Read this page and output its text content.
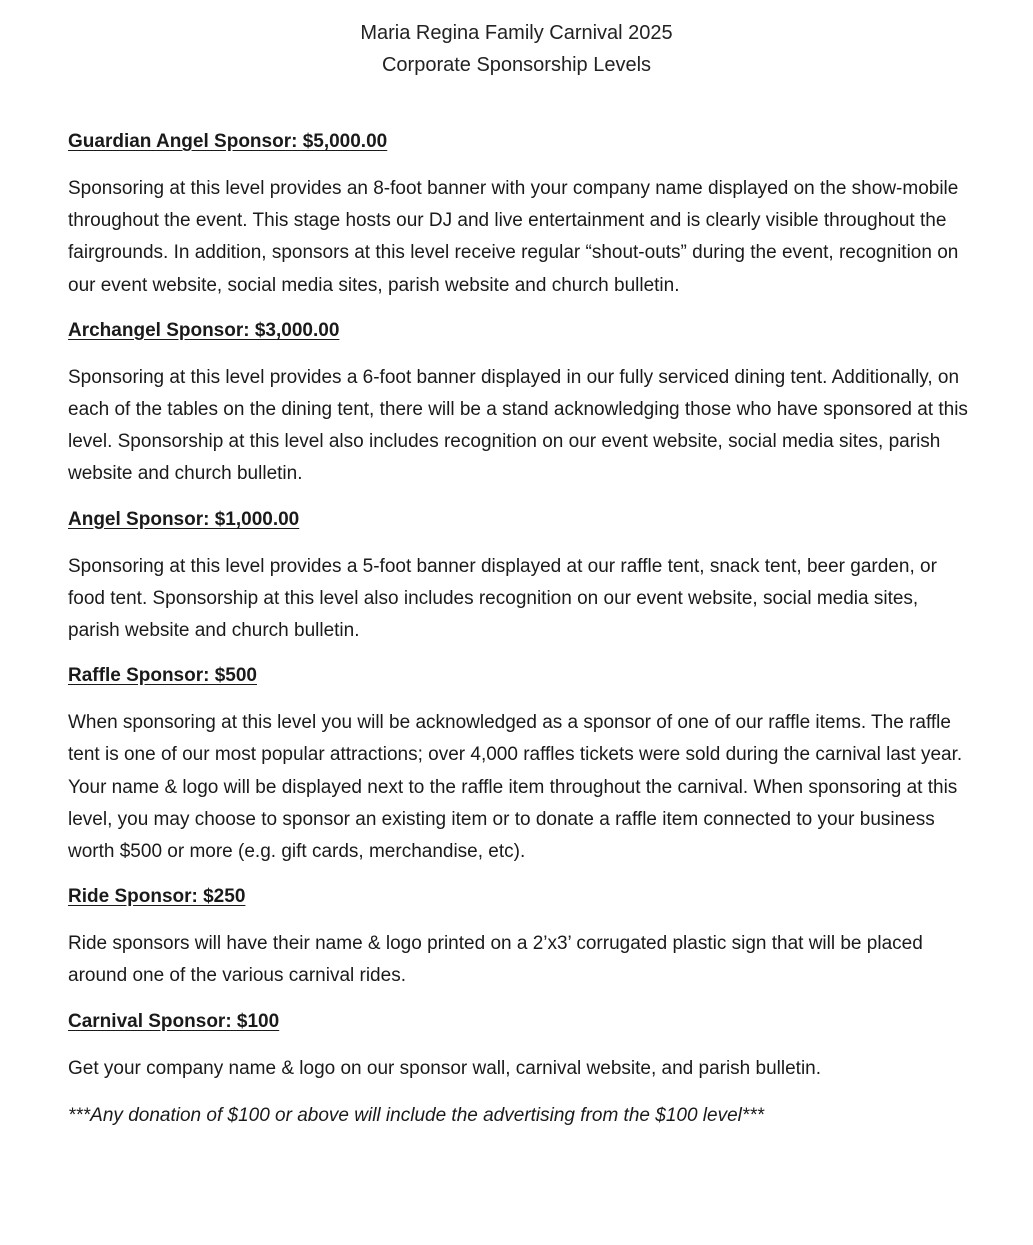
Maria Regina Family Carnival 2025
Corporate Sponsorship Levels
Guardian Angel Sponsor: $5,000.00

Sponsoring at this level provides an 8-foot banner with your company name displayed on the show-mobile throughout the event. This stage hosts our DJ and live entertainment and is clearly visible throughout the fairgrounds. In addition, sponsors at this level receive regular “shout-outs” during the event, recognition on our event website, social media sites, parish website and church bulletin.

Archangel Sponsor: $3,000.00

Sponsoring at this level provides a 6-foot banner displayed in our fully serviced dining tent. Additionally, on each of the tables on the dining tent, there will be a stand acknowledging those who have sponsored at this level. Sponsorship at this level also includes recognition on our event website, social media sites, parish website and church bulletin.

Angel Sponsor: $1,000.00

Sponsoring at this level provides a 5-foot banner displayed at our raffle tent, snack tent, beer garden, or food tent. Sponsorship at this level also includes recognition on our event website, social media sites, parish website and church bulletin.

Raffle Sponsor: $500

When sponsoring at this level you will be acknowledged as a sponsor of one of our raffle items. The raffle tent is one of our most popular attractions; over 4,000 raffles tickets were sold during the carnival last year. Your name & logo will be displayed next to the raffle item throughout the carnival. When sponsoring at this level, you may choose to sponsor an existing item or to donate a raffle item connected to your business worth $500 or more (e.g. gift cards, merchandise, etc).

Ride Sponsor: $250

Ride sponsors will have their name & logo printed on a 2’x3’ corrugated plastic sign that will be placed around one of the various carnival rides.

Carnival Sponsor: $100

Get your company name & logo on our sponsor wall, carnival website, and parish bulletin.

***Any donation of $100 or above will include the advertising from the $100 level***
